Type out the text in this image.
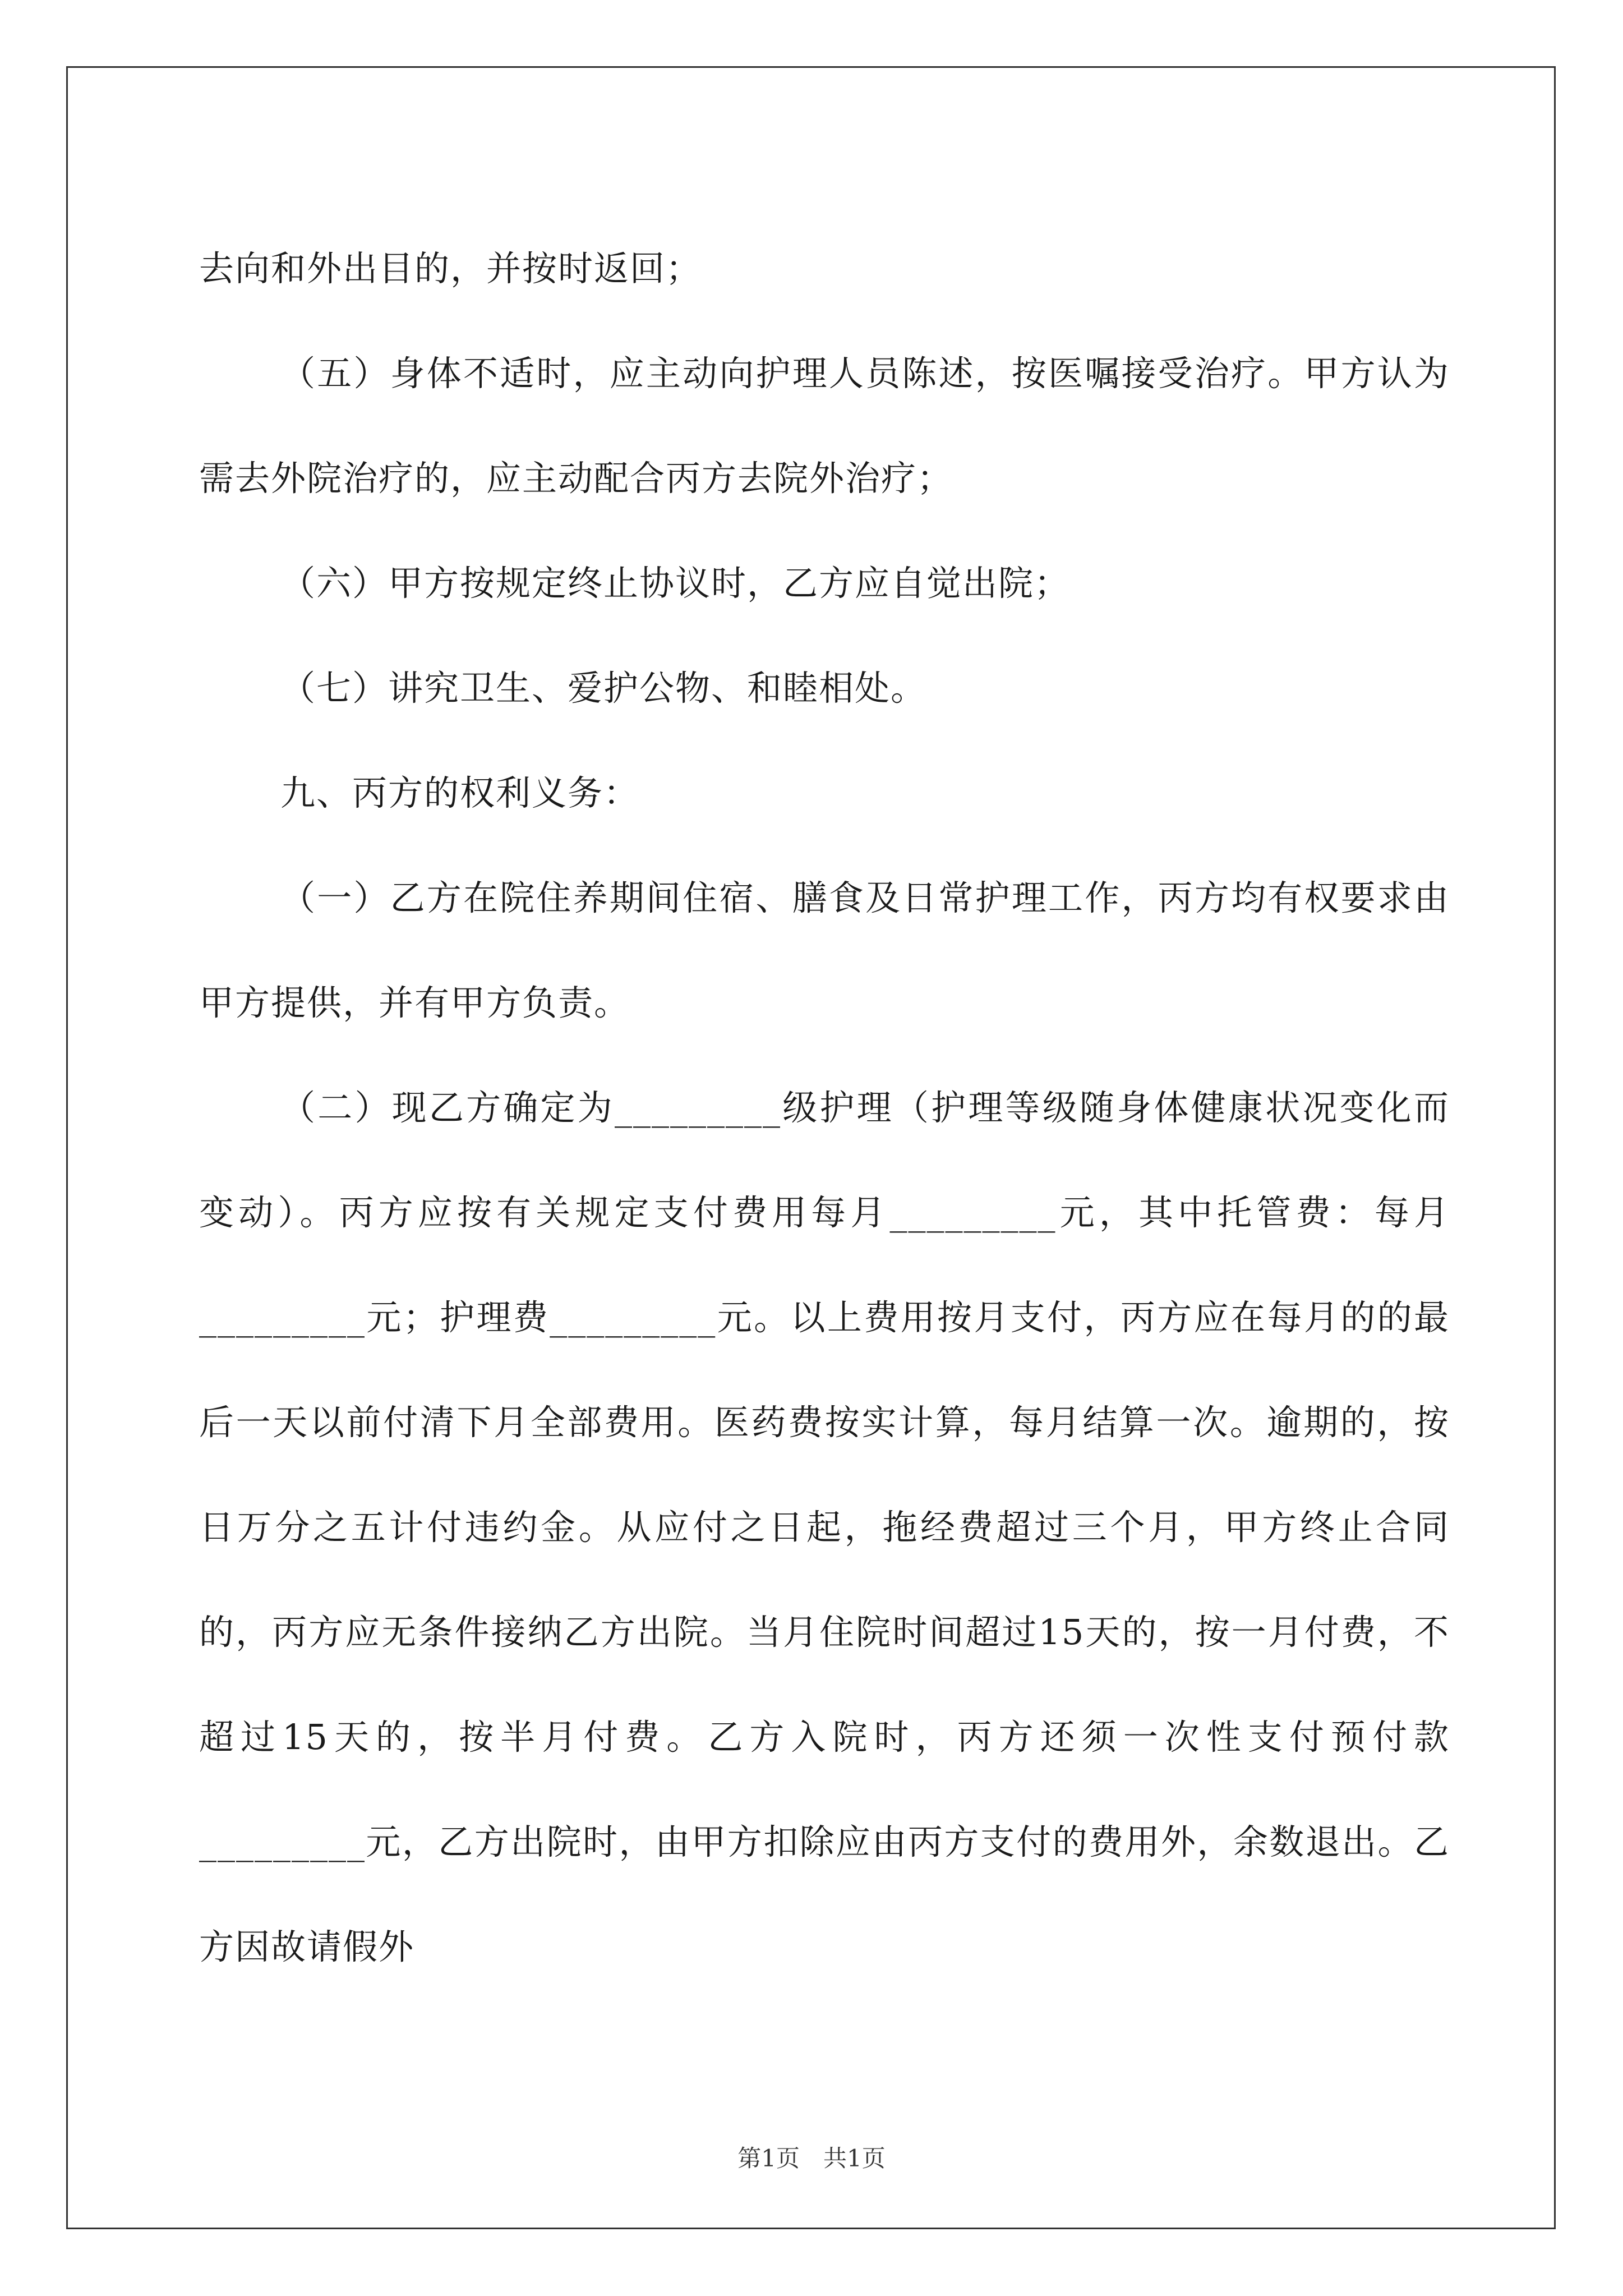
去向和外出目的，并按时返回；

（五）身体不适时，应主动向护理人员陈述，按医嘱接受治疗。甲方认为需去外院治疗的，应主动配合丙方去院外治疗；

（六）甲方按规定终止协议时，乙方应自觉出院；

（七）讲究卫生、爱护公物、和睦相处。

九、丙方的权利义务：

（一）乙方在院住养期间住宿、膳食及日常护理工作，丙方均有权要求由甲方提供，并有甲方负责。

（二）现乙方确定为_________级护理（护理等级随身体健康状况变化而变动）。丙方应按有关规定支付费用每月_________元，其中托管费：每月_________元；护理费_________元。以上费用按月支付，丙方应在每月的的最后一天以前付清下月全部费用。医药费按实计算，每月结算一次。逾期的，按日万分之五计付违约金。从应付之日起，拖经费超过三个月，甲方终止合同的，丙方应无条件接纳乙方出院。当月住院时间超过15天的，按一月付费，不超过15天的，按半月付费。乙方入院时，丙方还须一次性支付预付款_________元，乙方出院时，由甲方扣除应由丙方支付的费用外，余数退出。乙方因故请假外

第1页　共1页
